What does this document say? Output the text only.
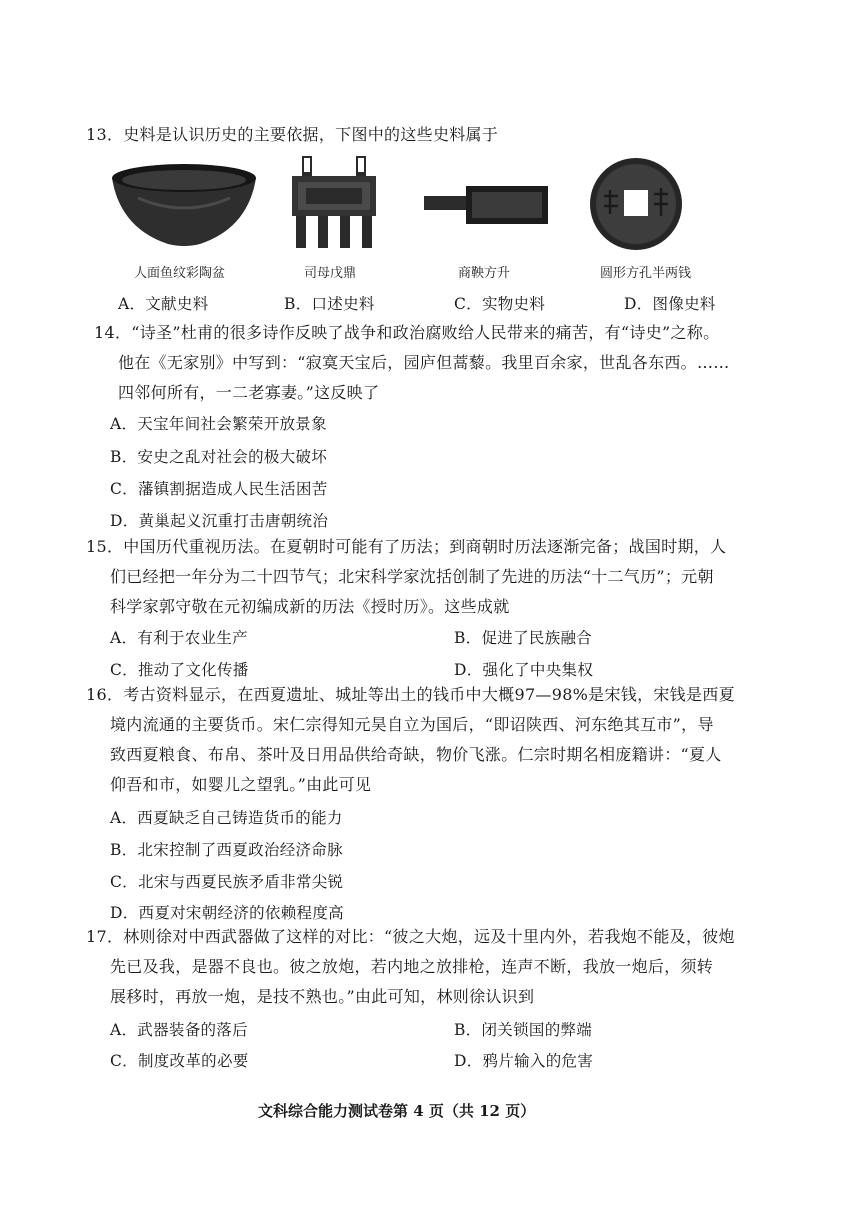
13．史料是认识历史的主要依据，下图中的这些史料属于
人面鱼纹彩陶盆	司母戊鼎	商鞅方升	圆形方孔半两钱
A．文献史料	B．口述史料	C．实物史料	D．图像史料
14．“诗圣”杜甫的很多诗作反映了战争和政治腐败给人民带来的痛苦，有“诗史”之称。
他在《无家别》中写到：“寂寞天宝后，园庐但蒿藜。我里百余家，世乱各东西。……
四邻何所有，一二老寡妻。”这反映了
A．天宝年间社会繁荣开放景象
B．安史之乱对社会的极大破坏
C．藩镇割据造成人民生活困苦
D．黄巢起义沉重打击唐朝统治
15．中国历代重视历法。在夏朝时可能有了历法；到商朝时历法逐渐完备；战国时期，人
们已经把一年分为二十四节气；北宋科学家沈括创制了先进的历法“十二气历”；元朝
科学家郭守敬在元初编成新的历法《授时历》。这些成就
A．有利于农业生产	B．促进了民族融合
C．推动了文化传播	D．强化了中央集权
16．考古资料显示，在西夏遗址、城址等出土的钱币中大概97—98%是宋钱，宋钱是西夏
境内流通的主要货币。宋仁宗得知元昊自立为国后，“即诏陕西、河东绝其互市”，导
致西夏粮食、布帛、茶叶及日用品供给奇缺，物价飞涨。仁宗时期名相庞籍讲：“夏人
仰吾和市，如婴儿之望乳。”由此可见
A．西夏缺乏自己铸造货币的能力
B．北宋控制了西夏政治经济命脉
C．北宋与西夏民族矛盾非常尖锐
D．西夏对宋朝经济的依赖程度高
17．林则徐对中西武器做了这样的对比：“彼之大炮，远及十里内外，若我炮不能及，彼炮
先已及我，是器不良也。彼之放炮，若内地之放排枪，连声不断，我放一炮后，须转
展移时，再放一炮，是技不熟也。”由此可知，林则徐认识到
A．武器装备的落后	B．闭关锁国的弊端
C．制度改革的必要	D．鸦片输入的危害
文科综合能力测试卷第 4 页（共 12 页）
